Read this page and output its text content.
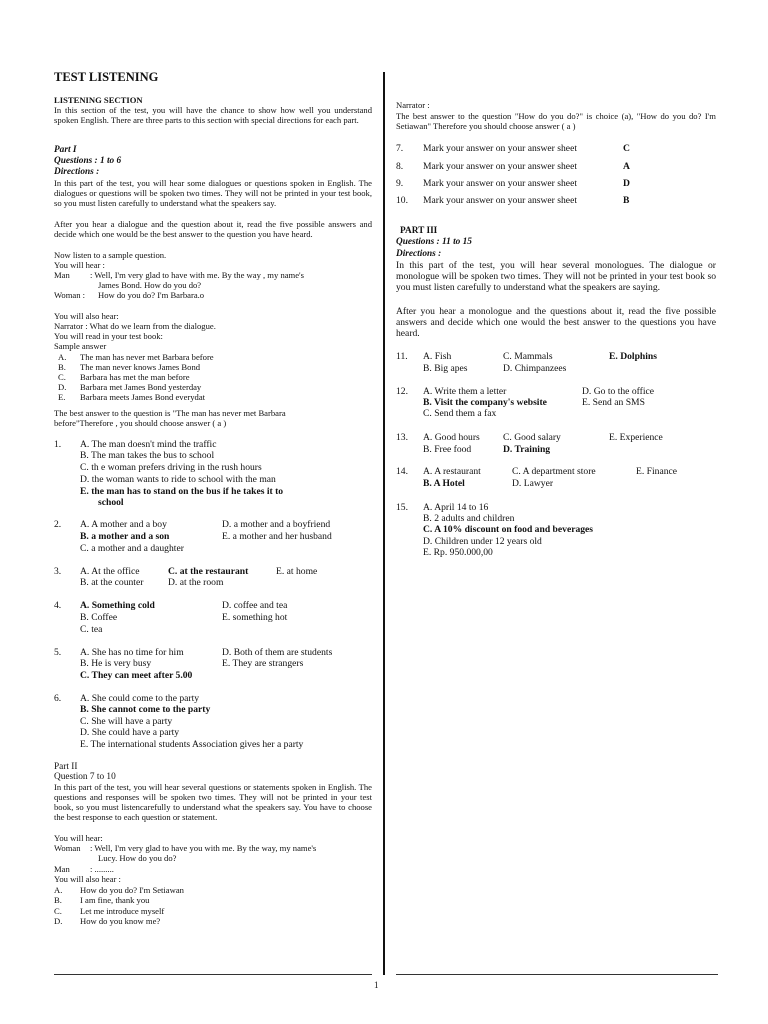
TEST LISTENING
LISTENING SECTION
In this section of the test, you will have the chance to show how well you understand spoken English. There are three parts to this section with special directions for each part.
Part I
Questions : 1 to 6
Directions :
In this part of the test, you will hear some dialogues or questions spoken in English. The dialogues or questions will be spoken two times. They will not be printed in your test book, so you must listen carefully to understand what the speakers say.
After you hear a dialogue and the question about it, read the five possible answers and decide which one would be the best answer to the question you have heard.
Now listen to a sample question.
You will hear :
Man : Well, I'm very glad to have with me. By the way , my name's
James Bond. How do you do?
Woman : How do you do? I'm Barbara.o
You will also hear:
Narrator : What do we learn from the dialogue.
You will read in your test book:
Sample answer
A. The man has never met Barbara before
B. The man never knows James Bond
C. Barbara has met the man before
D. Barbara met James Bond yesterday
E. Barbara meets James Bond everydat
The best answer to the question is "The man has never met Barbara
before"Therefore , you should choose answer ( a )
1. A. The man doesn't mind the traffic
B. The man takes the bus to school
C. th e woman prefers driving in the rush hours
D. the woman wants to ride to school with the man
E. the man has to stand on the bus if he takes it to
school
2. A. A mother and a boy	D. a mother and a boyfriend
B. a mother and a son	E. a mother and her husband
C. a mother and a daughter
3. A. At the office	C. at the restaurant	E. at home
B. at the counter	D. at the room
4. A. Something cold	D. coffee and tea
B. Coffee	E. something hot
C. tea
5. A. She has no time for him	D. Both of them are students
B. He is very busy	E. They are strangers
C. They can meet after 5.00
6. A. She could come to the party
B. She cannot come to the party
C. She will have a party
D. She could have a party
E. The international students Association gives her a party
Part II
Question 7 to 10
In this part of the test, you will hear several questions or statements spoken in English. The questions and responses will be spoken two times. They will not be printed in your test book, so you must listencarefully to understand what the speakers say. You have to choose the best response to each question or statement.
You will hear:
Woman : Well, I'm very glad to have you with me. By the way, my name's
Lucy. How do you do?
Man : .........
You will also hear :
A. How do you do? I'm Setiawan
B. I am fine, thank you
C. Let me introduce myself
D. How do you know me?
Narrator :
The best answer to the question "How do you do?" is choice (a), "How do you do? I'm Setiawan" Therefore you should choose answer ( a )
7. Mark your answer on your answer sheet	C
8. Mark your answer on your answer sheet	A
9. Mark your answer on your answer sheet	D
10. Mark your answer on your answer sheet	B
PART III
Questions : 11 to 15
Directions :
In this part of the test, you will hear several monologues. The dialogue or monologue will be spoken two times. They will not be printed in your test book so you must listen carefully to understand what the speakers are saying.
After you hear a monologue and the questions about it, read the five possible answers and decide which one would the best answer to the questions you have heard.
11. A. Fish	C. Mammals	E. Dolphins
B. Big apes	D. Chimpanzees
12. A. Write them a letter	D. Go to the office
B. Visit the company's website	E. Send an SMS
C. Send them a fax
13. A. Good hours C. Good salary	E. Experience
B. Free food	D. Training
14. A. A restaurant	C. A department store	E. Finance
B. A Hotel	D. Lawyer
15. A. April 14 to 16
B. 2 adults and children
C. A 10% discount on food and beverages
D. Children under 12 years old
E. Rp. 950.000,00
1
